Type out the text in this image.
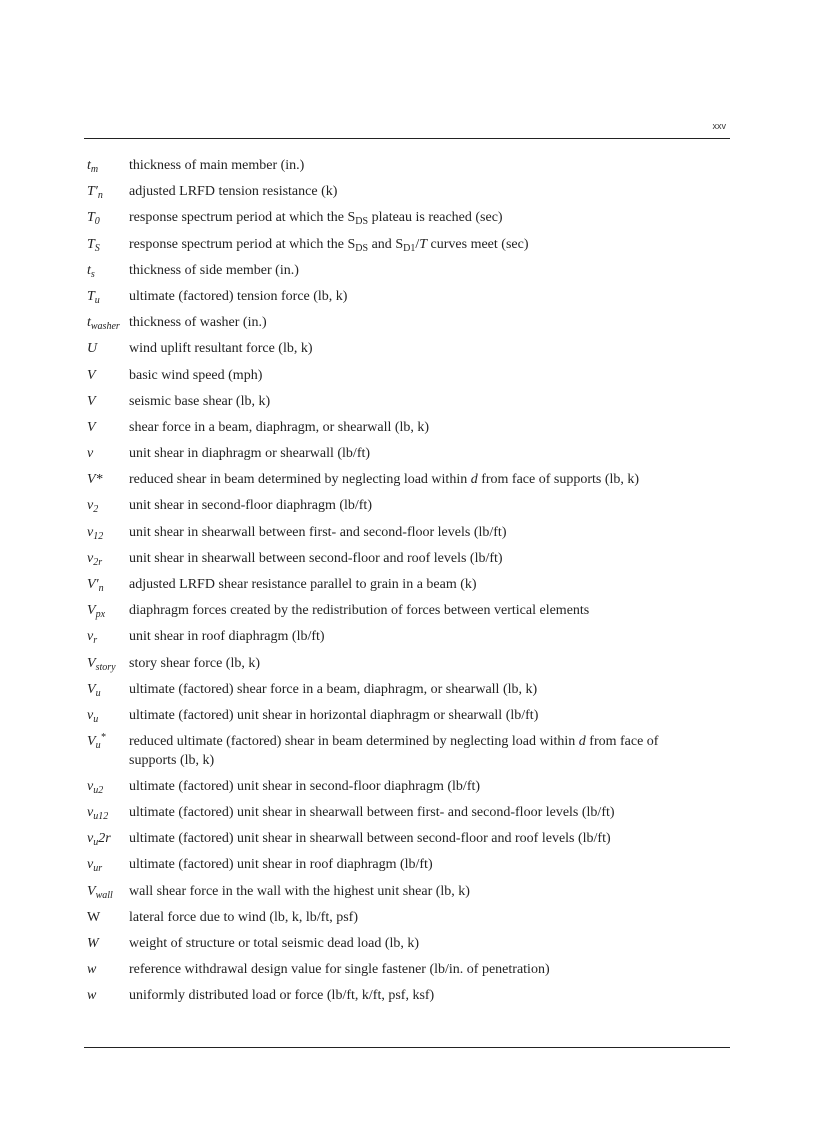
xxv
$t_m$	thickness of main member (in.)
$T'_n$	adjusted LRFD tension resistance (k)
$T_0$	response spectrum period at which the $S_{DS}$ plateau is reached (sec)
$T_S$	response spectrum period at which the $S_{DS}$ and $S_{D1}/T$ curves meet (sec)
$t_s$	thickness of side member (in.)
$T_u$	ultimate (factored) tension force (lb, k)
$t_{washer}$ thickness of washer (in.)
U	wind uplift resultant force (lb, k)
V	basic wind speed (mph)
V	seismic base shear (lb, k)
V	shear force in a beam, diaphragm, or shearwall (lb, k)
v	unit shear in diaphragm or shearwall (lb/ft)
V*	reduced shear in beam determined by neglecting load within d from face of supports (lb, k)
$v_2$	unit shear in second-floor diaphragm (lb/ft)
$v_{12}$	unit shear in shearwall between first- and second-floor levels (lb/ft)
$v_{2r}$	unit shear in shearwall between second-floor and roof levels (lb/ft)
$V'_n$	adjusted LRFD shear resistance parallel to grain in a beam (k)
$V_{px}$	diaphragm forces created by the redistribution of forces between vertical elements
$v_r$	unit shear in roof diaphragm (lb/ft)
$V_{story}$ story shear force (lb, k)
$V_u$	ultimate (factored) shear force in a beam, diaphragm, or shearwall (lb, k)
$v_u$	ultimate (factored) unit shear in horizontal diaphragm or shearwall (lb/ft)
$V_u^*$	reduced ultimate (factored) shear in beam determined by neglecting load within d from face of supports (lb, k)
$v_{u2}$	ultimate (factored) unit shear in second-floor diaphragm (lb/ft)
$v_{u12}$	ultimate (factored) unit shear in shearwall between first- and second-floor levels (lb/ft)
$v_u2r$	ultimate (factored) unit shear in shearwall between second-floor and roof levels (lb/ft)
$v_{ur}$	ultimate (factored) unit shear in roof diaphragm (lb/ft)
$V_{wall}$	wall shear force in the wall with the highest unit shear (lb, k)
W	lateral force due to wind (lb, k, lb/ft, psf)
W	weight of structure or total seismic dead load (lb, k)
w	reference withdrawal design value for single fastener (lb/in. of penetration)
w	uniformly distributed load or force (lb/ft, k/ft, psf, ksf)
